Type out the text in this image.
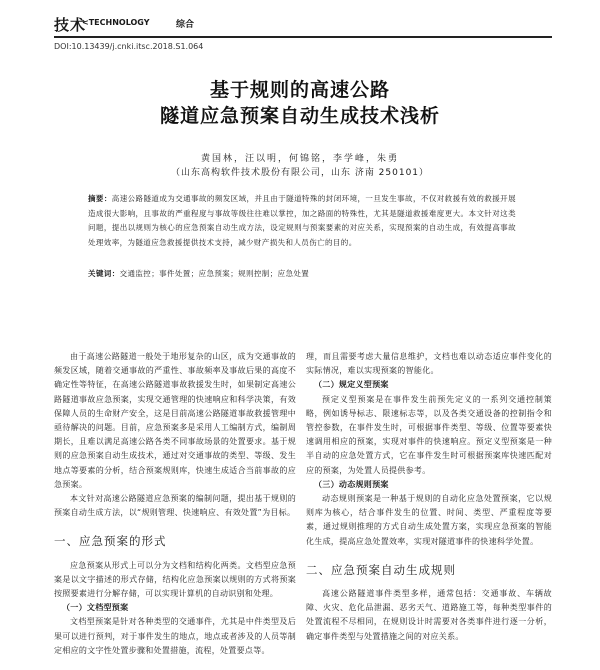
技术
<TECHNOLOGY	综合
DOI:10.13439/j.cnki.itsc.2018.S1.064
基于规则的高速公路
隧道应急预案自动生成技术浅析
黄国林，汪以明，何锦铭，李学峰，朱勇
（山东高构软件技术股份有限公司，山东 济南 250101）
摘要：高速公路隧道成为交通事故的频发区域，并且由于隧道特殊的封闭环境，一旦发生事故，不仅对救援有效的救援开展造成很大影响，且事故的严重程度与事故等级往往难以掌控，加之路面的特殊性，尤其是隧道救援难度更大。本文针对这类问题，提出以规则为核心的应急预案自动生成方法，设定规则与预案要素的对应关系，实现预案的自动生成，有效提高事故处理效率，为隧道应急救援提供技术支持，减少财产损失和人员伤亡的目的。
关键词：交通监控；事件处置；应急预案；规则控制；应急处置

由于高速公路隧道一般处于地形复杂的山区，成为交通事故的频发区域，随着交通事故的严重性、事故频率及事故后果的高度不确定性等特征，在高速公路隧道事故救援发生时，如果制定高速公路隧道事故应急预案，实现交通管理的快速响应和科学决策，有效保障人员的生命财产安全，这是目前高速公路隧道事故救援管理中亟待解决的问题。目前，应急预案多是采用人工编制方式，编制周期长，且难以满足高速公路各类不同事故场景的处置要求。基于规则的应急预案自动生成技术，通过对交通事故的类型、等级、发生地点等要素的分析，结合预案规则库，快速生成适合当前事故的应急预案。

本文针对高速公路隧道应急预案的编制问题，提出基于规则的预案自动生成方法，以“规则管理、快速响应、有效处置”为目标。

一、应急预案的形式

应急预案从形式上可以分为文档和结构化两类。文档型应急预案是以文字描述的形式存储，结构化应急预案以规则的方式将预案按照要素进行分解存储，可以实现计算机的自动识别和处理。

（一）文档型预案

文档型预案是针对各种类型的交通事件，尤其是中件类型及后果可以进行预判，对于事件发生的地点，地点或者涉及的人员等制定相应的文字性处置步骤和处置措施，流程，处置要点等。

理，而且需要考虑大量信息维护，文档也难以动态适应事件变化的实际情况，难以实现预案的智能化。

（二）规定义型预案

预定义型预案是在事件发生前预先定义的一系列交通控制策略，例如诱导标志、限速标志等，以及各类交通设备的控制指令和管控参数，在事件发生时，可根据事件类型、等级、位置等要素快速调用相应的预案，实现对事件的快速响应。预定义型预案是一种半自动的应急处置方式，它在事件发生时可根据预案库快速匹配对应的预案，为处置人员提供参考。

（三）动态规则预案

动态规则预案是一种基于规则的自动化应急处置预案，它以规则库为核心，结合事件发生的位置、时间、类型、严重程度等要素，通过规则推理的方式自动生成处置方案，实现应急预案的智能化生成，提高应急处置效率，实现对隧道事件的快速科学处置。

二、应急预案自动生成规则

高速公路隧道事件类型多样，通常包括：交通事故、车辆故障、火灾、危化品泄漏、恶劣天气、道路施工等，每种类型事件的处置流程不尽相同，在规则设计时需要对各类事件进行逐一分析，确定事件类型与处置措施之间的对应关系。
